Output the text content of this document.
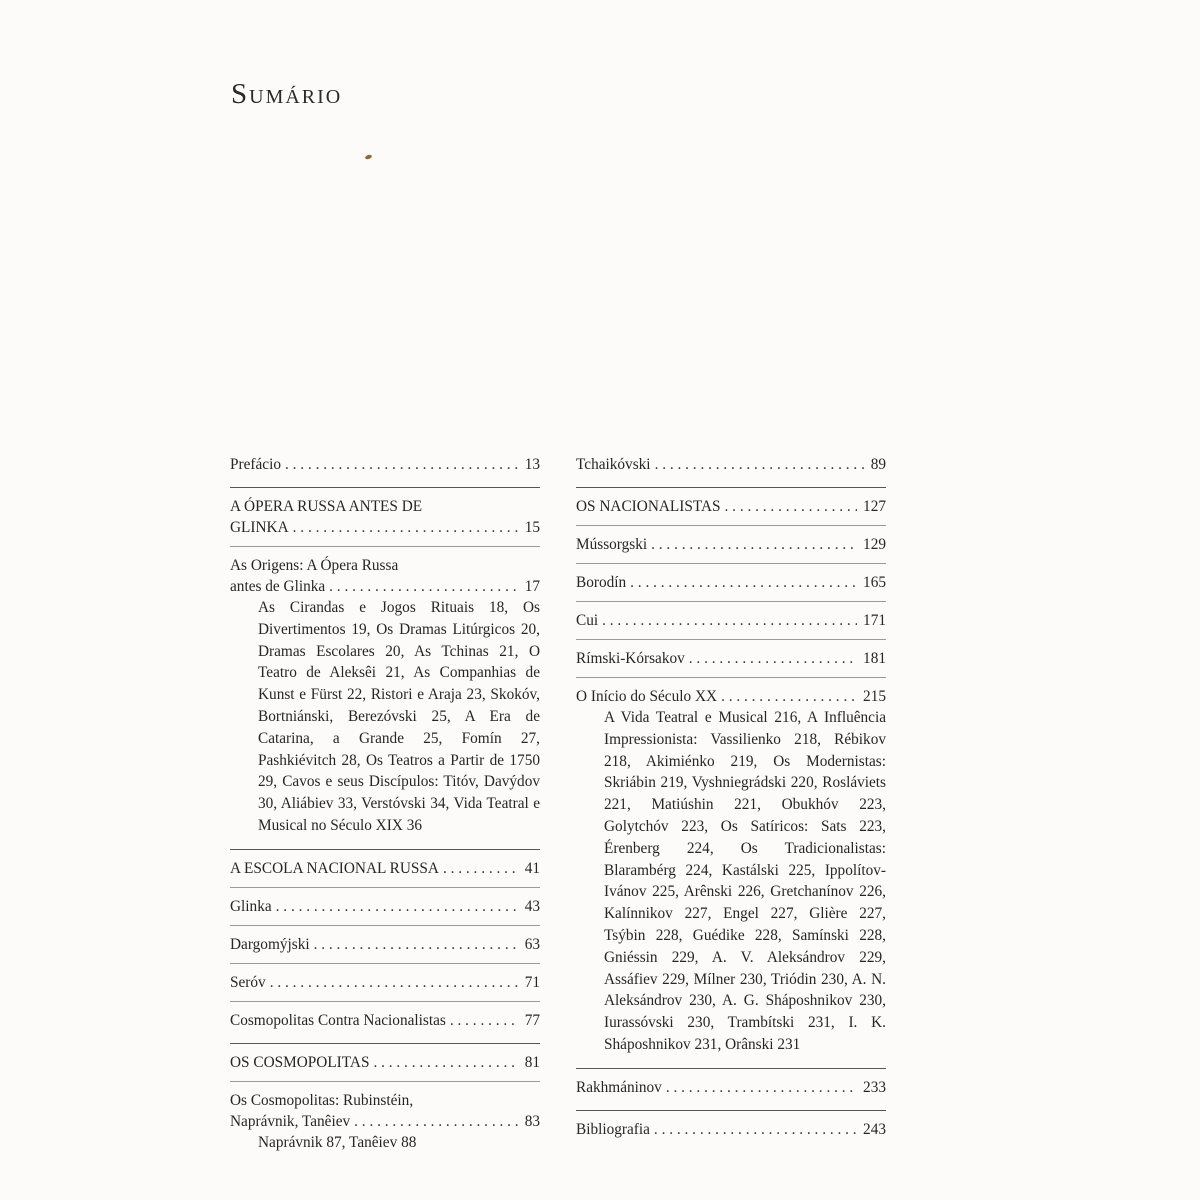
Sumário
Prefácio . . .	13
A ÓPERA RUSSA ANTES DE
GLINKA . . .	15
As Origens: A Ópera Russa
antes de Glinka . . .	17
As Cirandas e Jogos Rituais 18, Os Divertimentos 19, Os Dramas Litúrgicos 20, Dramas Escolares 20, As Tchinas 21, O Teatro de Aleksêi 21, As Companhias de Kunst e Fürst 22, Ristori e Araja 23, Skokóv, Bortniánski, Berezóvski 25, A Era de Catarina, a Grande 25, Fomín 27, Pashkiévitch 28, Os Teatros a Partir de 1750 29, Cavos e seus Discípulos: Titóv, Davýdov 30, Aliábiev 33, Verstóvski 34, Vida Teatral e Musical no Século XIX 36
A ESCOLA NACIONAL RUSSA . . .	41
Glinka . . .	43
Dargomýjski . . .	63
Seróv . . .	71
Cosmopolitas Contra Nacionalistas . . .	77
OS COSMOPOLITAS . . .	81
Os Cosmopolitas: Rubinstéin,
Naprávnik, Tanêiev . . .	83
Naprávnik 87, Tanêiev 88
Tchaikóvski . . .	89
OS NACIONALISTAS . . .	127
Mússorgski . . .	129
Borodín . . .	165
Cui . . .	171
Rímski-Kórsakov . . .	181
O Início do Século XX . . .	215
A Vida Teatral e Musical 216, A Influência Impressionista: Vassilienko 218, Rébikov 218, Akimiénko 219, Os Modernistas: Skriábin 219, Vyshniegrádski 220, Rosláviets 221, Matiúshin 221, Obukhóv 223, Golytchóv 223, Os Satíricos: Sats 223, Érenberg 224, Os Tradicionalistas: Blarambérg 224, Kastálski 225, Ippolítov-Ivánov 225, Arênski 226, Gretchanínov 226, Kalínnikov 227, Engel 227, Glière 227, Tsýbin 228, Guédike 228, Samínski 228, Gniéssin 229, A. V. Aleksándrov 229, Assáfiev 229, Mílner 230, Triódin 230, A. N. Aleksándrov 230, A. G. Sháposhnikov 230, Iurassóvski 230, Trambítski 231, I. K. Sháposhnikov 231, Orânski 231
Rakhmáninov . . .	233
Bibliografia . . .	243
